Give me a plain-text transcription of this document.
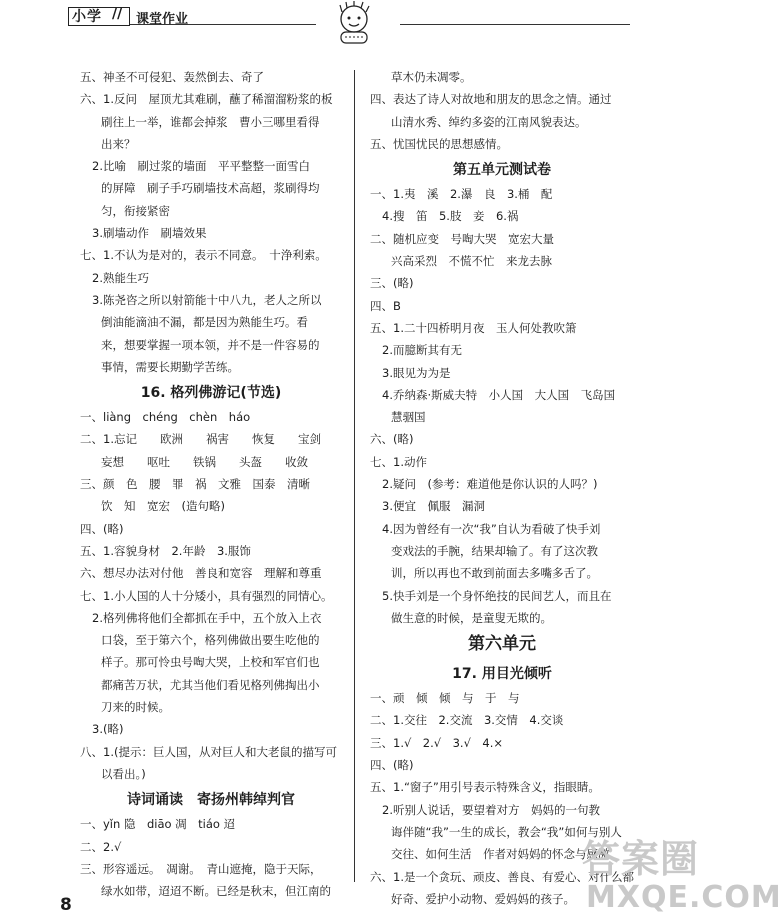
小学 // 课堂作业
五、神圣不可侵犯、轰然倒去、奇了
六、1.反问　屋顶尤其难刷，蘸了稀溜溜粉浆的板
刷往上一举，谁都会掉浆　曹小三哪里看得
出来？
2.比喻　刷过浆的墙面　平平整整一面雪白
的屏障　刷子手巧刷墙技术高超，浆刷得均
匀，衔接紧密
3.刷墙动作　刷墙效果
七、1.不认为是对的，表示不同意。　十浄利索。
2.熟能生巧
3.陈尧咨之所以射箭能十中八九，老人之所以
倒油能滴油不漏，都是因为熟能生巧。看
来，想要掌握一项本领，并不是一件容易的
事情，需要长期勤学苦练。
16. 格列佛游记(节选)
一、liàng　chéng　chèn　háo
二、1.忘记　　欧洲　　祸害　　恢复　　宝剑
妄想　　呕吐　　铁锅　　头盔　　收敛
三、颜　色　腰　罪　祸　文雅　国泰　清晰
饮　知　宽宏　(造句略)
四、(略)
五、1.容貌身材　2.年龄　3.服饰
六、想尽办法对付他　善良和宽容　理解和尊重
七、1.小人国的人十分矮小，具有强烈的同情心。
2.格列佛将他们全都抓在手中，五个放入上衣
口袋，至于第六个，格列佛做出要生吃他的
样子。那可怜虫号啕大哭，上校和军官们也
都痛苦万状，尤其当他们看见格列佛掏出小
刀来的时候。
3.(略)
八、1.(提示：巨人国，从对巨人和大老鼠的描写可
以看出。)
诗词诵读　寄扬州韩绰判官
一、yǐn 隐　diāo 凋　tiáo 迢
二、2.√
三、形容遥远。　凋谢。　青山遮掩，隐于天际，
绿水如带，迢迢不断。已经是秋末，但江南的
草木仍未凋零。
四、表达了诗人对故地和朋友的思念之情。通过
山清水秀、绰约多姿的江南风貌表达。
五、忧国忧民的思想感情。
第五单元测试卷
一、1.夷　溪　2.瀑　良　3.桶　配
4.搜　笛　5.肢　妾　6.祸
二、随机应变　号啕大哭　宽宏大量
兴高采烈　不慌不忙　来龙去脉
三、(略)
四、B
五、1.二十四桥明月夜　玉人何处教吹箫
2.而臆断其有无
3.眼见为为是
4.乔纳森·斯威夫特　小人国　大人国　飞岛国
慧骃国
六、(略)
七、1.动作
2.疑问　(参考：难道他是你认识的人吗？)
3.便宜　佩服　漏洞
4.因为曾经有一次“我”自认为看破了快手刘
变戏法的手腕，结果却输了。有了这次教
训，所以再也不敢到前面去多嘴多舌了。
5.快手刘是一个身怀绝技的民间艺人，而且在
做生意的时候，是童叟无欺的。
第六单元
17. 用目光倾听
一、顽　倾　倾　与　于　与
二、1.交往　2.交流　3.交情　4.交谈
三、1.√　2.√　3.√　4.×
四、(略)
五、1.“窗子”用引号表示特殊含义，指眼睛。
2.听别人说话，要望着对方　妈妈的一句教
诲伴随“我”一生的成长，教会“我”如何与别人
交往、如何生活　作者对妈妈的怀念与感激
六、1.是一个贪玩、顽皮、善良、有爱心、对什么都
好奇、爱护小动物、爱妈妈的孩子。
8
答案圈
MXQE.COM
